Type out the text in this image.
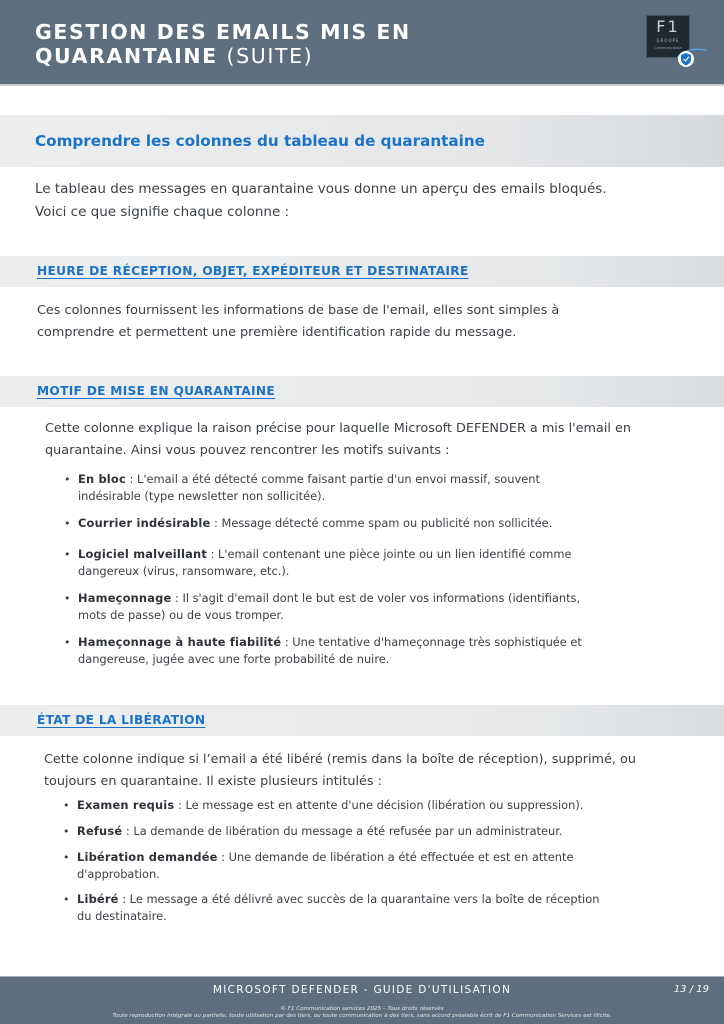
GESTION DES EMAILS MIS EN
QUARANTAINE (SUITE)
F1
GROUPE
Communication
Comprendre les colonnes du tableau de quarantaine

Le tableau des messages en quarantaine vous donne un aperçu des emails bloqués.
Voici ce que signifie chaque colonne :

HEURE DE RÉCEPTION, OBJET, EXPÉDITEUR ET DESTINATAIRE

Ces colonnes fournissent les informations de base de l'email, elles sont simples à
comprendre et permettent une première identification rapide du message.

MOTIF DE MISE EN QUARANTAINE

Cette colonne explique la raison précise pour laquelle Microsoft DEFENDER a mis l'email en
quarantaine. Ainsi vous pouvez rencontrer les motifs suivants :

• En bloc : L'email a été détecté comme faisant partie d'un envoi massif, souvent
indésirable (type newsletter non sollicitée).
• Courrier indésirable : Message détecté comme spam ou publicité non sollicitée.
• Logiciel malveillant : L'email contenant une pièce jointe ou un lien identifié comme
dangereux (virus, ransomware, etc.).
• Hameçonnage : Il s'agit d'email dont le but est de voler vos informations (identifiants,
mots de passe) ou de vous tromper.
• Hameçonnage à haute fiabilité : Une tentative d'hameçonnage très sophistiquée et
dangereuse, jugée avec une forte probabilité de nuire.
ÉTAT DE LA LIBÉRATION

Cette colonne indique si l’email a été libéré (remis dans la boîte de réception), supprimé, ou
toujours en quarantaine. Il existe plusieurs intitulés :

• Examen requis : Le message est en attente d'une décision (libération ou suppression).
• Refusé : La demande de libération du message a été refusée par un administrateur.
• Libération demandée : Une demande de libération a été effectuée et est en attente
d'approbation.
• Libéré : Le message a été délivré avec succès de la quarantaine vers la boîte de réception
du destinataire.
MICROSOFT DEFENDER - GUIDE D'UTILISATION	13 / 19
© F1 Communication services 2025 – Tous droits réservés
Toute reproduction intégrale ou partielle, toute utilisation par des tiers, ou toute communication à des tiers, sans accord préalable écrit de F1 Communication Services est illicite.
